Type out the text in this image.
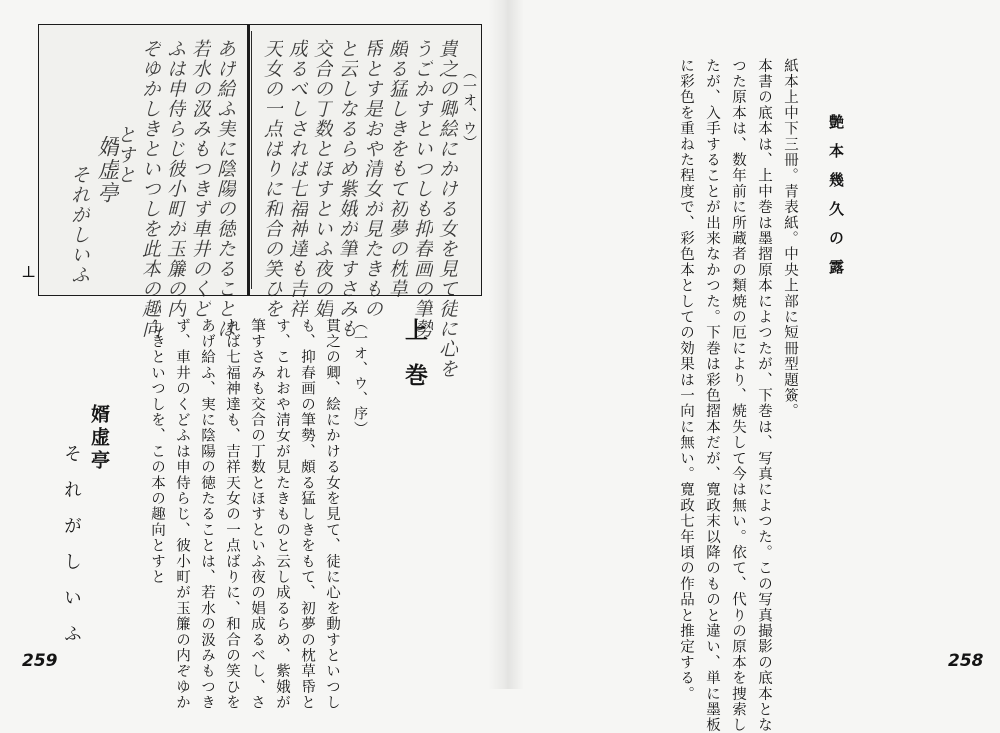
貴之の卿絵にかける女を見て徒に心を
うごかすといつしも抑春画の筆勢
頗る猛しきをもて初夢の枕草
帋とす是おや清女が見たきもの
と云しなるらめ紫娥が筆すさみも
交合の丁数とほすといふ夜の娼
成るべしされば七福神達も吉祥
天女の一点ばりに和合の笑ひを
あげ給ふ実に陰陽の徳たることは
若水の汲みもつきず車井のくど
ふは申侍らじ彼小町が玉簾の内
ぞゆかしきといつしを此本の趣向
とすと
婿虚亭
それがしいふ
（一オ、ウ）
⊥
上巻
（一オ、ウ、序）
貫之の卿、絵にかける女を見て、徒に心を動すといつし
も、抑春画の筆勢、頗る猛しきをもて、初夢の枕草帋と
す、これおや清女が見たきものと云し成るらめ、紫娥が
筆すさみも交合の丁数とほすといふ夜の娼成るべし、さ
れば七福神達も、吉祥天女の一点ばりに、和合の笑ひを
あげ給ふ、実に陰陽の徳たることは、若水の汲みもつき
ず、車井のくどふは申侍らじ、彼小町が玉簾の内ぞゆか
しきといつしを、この本の趣向とすと
婿虚亭
それがしいふ
259
艶本幾久の露
紙本上中下三冊。青表紙。中央上部に短冊型題簽。
本書の底本は、上中巻は墨摺原本によつたが、下巻は、写真によつた。この写真撮影の底本とな
つた原本は、数年前に所蔵者の類焼の厄により、焼失して今は無い。依て、代りの原本を捜索し
たが、入手することが出来なかつた。下巻は彩色摺本だが、寛政末以降のものと違い、単に墨板
に彩色を重ねた程度で、彩色本としての効果は一向に無い。寛政七年頃の作品と推定する。	258
